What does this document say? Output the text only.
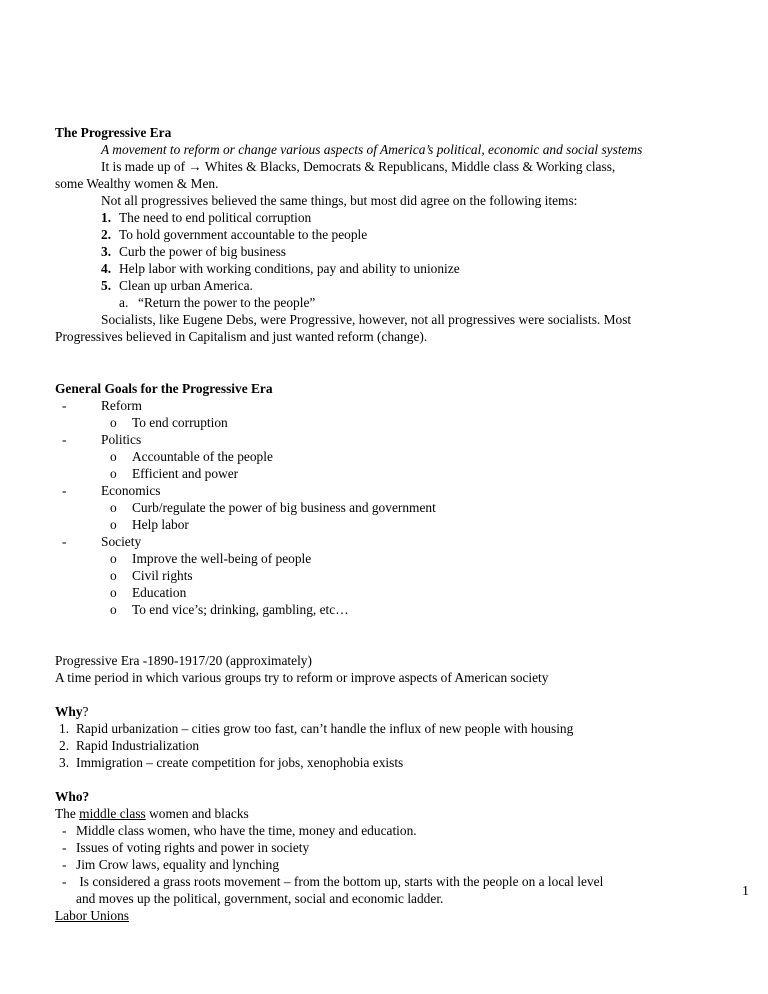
The Progressive Era
A movement to reform or change various aspects of America’s political, economic and social systems
It is made up of → Whites & Blacks, Democrats & Republicans, Middle class & Working class,
some Wealthy women & Men.
Not all progressives believed the same things, but most did agree on the following items:
1. The need to end political corruption
2. To hold government accountable to the people
3. Curb the power of big business
4. Help labor with working conditions, pay and ability to unionize
5. Clean up urban America.
a. “Return the power to the people”
Socialists, like Eugene Debs, were Progressive, however, not all progressives were socialists. Most
Progressives believed in Capitalism and just wanted reform (change).
General Goals for the Progressive Era
-	Reform
o To end corruption
-	Politics
o Accountable of the people
o Efficient and power
-	Economics
o Curb/regulate the power of big business and government
o Help labor
-	Society
o Improve the well-being of people
o Civil rights
o Education
o To end vice’s; drinking, gambling, etc…
Progressive Era -1890-1917/20 (approximately)
A time period in which various groups try to reform or improve aspects of American society
Why?
1. Rapid urbanization – cities grow too fast, can’t handle the influx of new people with housing
2. Rapid Industrialization
3. Immigration – create competition for jobs, xenophobia exists
Who?
The middle class women and blacks
- Middle class women, who have the time, money and education.
- Issues of voting rights and power in society
- Jim Crow laws, equality and lynching
- Is considered a grass roots movement – from the bottom up, starts with the people on a local level
and moves up the political, government, social and economic ladder.
Labor Unions
1
